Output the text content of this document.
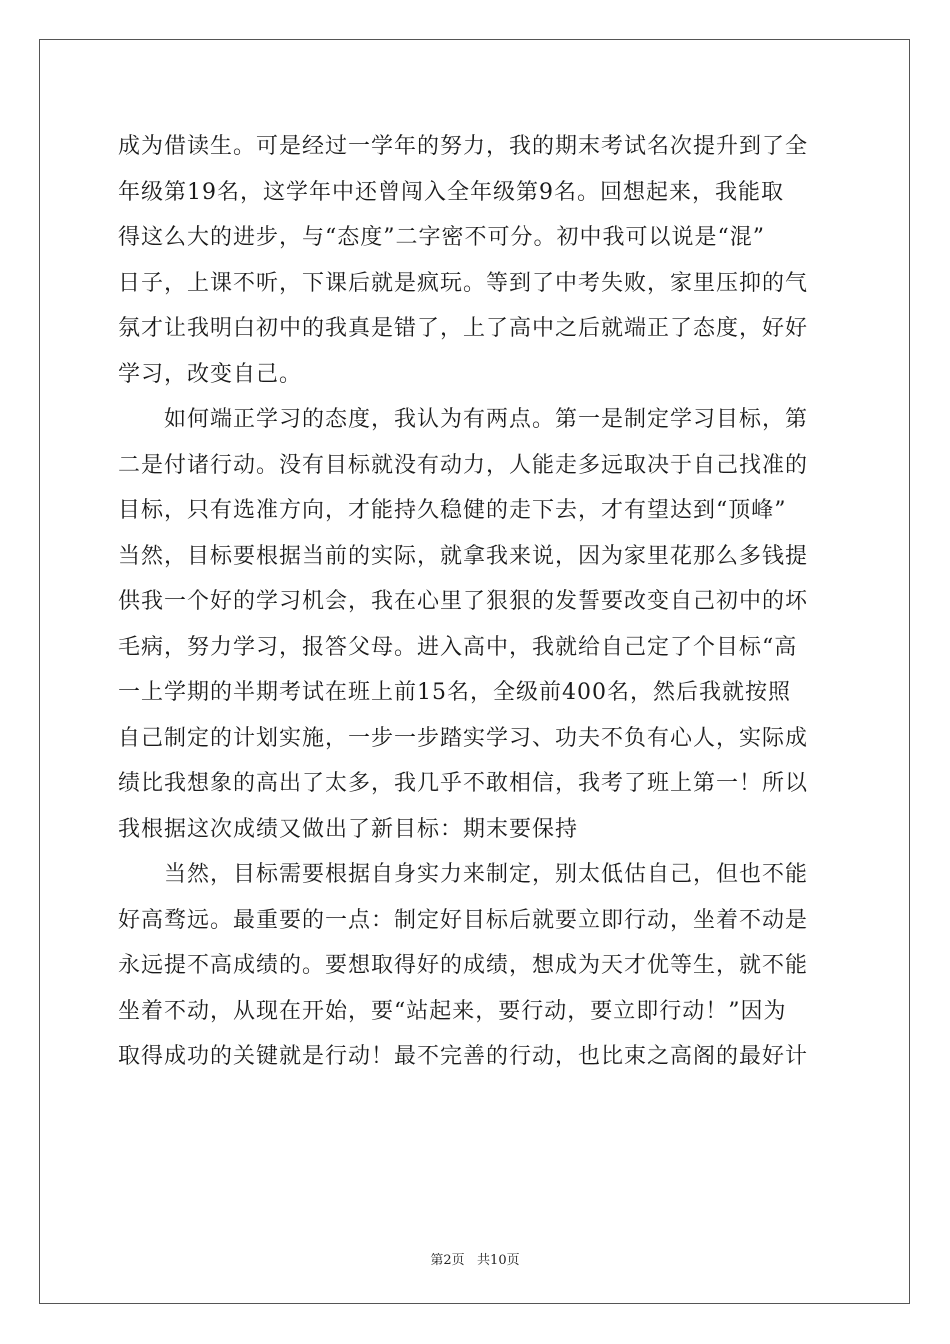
成为借读生。可是经过一学年的努力，我的期末考试名次提升到了全
年级第19名，这学年中还曾闯入全年级第9名。回想起来，我能取
得这么大的进步，与“态度”二字密不可分。初中我可以说是“混”
日子，上课不听，下课后就是疯玩。等到了中考失败，家里压抑的气
氛才让我明白初中的我真是错了，上了高中之后就端正了态度，好好
学习，改变自己。
如何端正学习的态度，我认为有两点。第一是制定学习目标，第
二是付诸行动。没有目标就没有动力，人能走多远取决于自己找准的
目标，只有选准方向，才能持久稳健的走下去，才有望达到“顶峰”
当然，目标要根据当前的实际，就拿我来说，因为家里花那么多钱提
供我一个好的学习机会，我在心里了狠狠的发誓要改变自己初中的坏
毛病，努力学习，报答父母。进入高中，我就给自己定了个目标“高
一上学期的半期考试在班上前15名，全级前400名，然后我就按照
自己制定的计划实施，一步一步踏实学习、功夫不负有心人，实际成
绩比我想象的高出了太多，我几乎不敢相信，我考了班上第一！所以
我根据这次成绩又做出了新目标：期末要保持
当然，目标需要根据自身实力来制定，别太低估自己，但也不能
好高骛远。最重要的一点：制定好目标后就要立即行动，坐着不动是
永远提不高成绩的。要想取得好的成绩，想成为天才优等生，就不能
坐着不动，从现在开始，要“站起来，要行动，要立即行动！”因为
取得成功的关键就是行动！最不完善的行动，也比束之高阁的最好计
第2页   共10页
